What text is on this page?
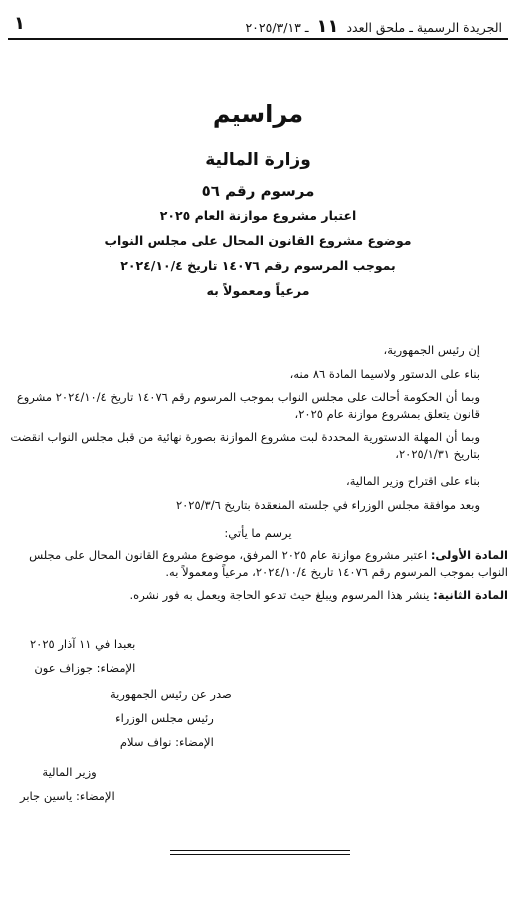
١	الجريدة الرسمية ـ ملحق العدد ١١ ـ ٢٠٢٥/٣/١٣
مراسيم
وزارة المالية
مرسوم رقم ٥٦
اعتبار مشروع موازنة العام ٢٠٢٥
موضوع مشروع القانون المحال على مجلس النواب
بموجب المرسوم رقم ١٤٠٧٦ تاريخ ٢٠٢٤/١٠/٤
مرعياً ومعمولاً به

إن رئيس الجمهورية،

بناء على الدستور ولاسيما المادة ٨٦ منه،

وبما أن الحكومة أحالت على مجلس النواب بموجب المرسوم رقم ١٤٠٧٦ تاريخ ٢٠٢٤/١٠/٤ مشروع قانون يتعلق بمشروع موازنة عام ٢٠٢٥،

وبما أن المهلة الدستورية المحددة لبت مشروع الموازنة بصورة نهائية من قبل مجلس النواب انقضت بتاريخ ٢٠٢٥/١/٣١،

بناء على اقتراح وزير المالية،

وبعد موافقة مجلس الوزراء في جلسته المنعقدة بتاريخ ٢٠٢٥/٣/٦

يرسم ما يأتي:

المادة الأولى: اعتبر مشروع موازنة عام ٢٠٢٥ المرفق، موضوع مشروع القانون المحال على مجلس النواب بموجب المرسوم رقم ١٤٠٧٦ تاريخ ٢٠٢٤/١٠/٤، مرعياً ومعمولاً به.

المادة الثانية: ينشر هذا المرسوم ويبلغ حيث تدعو الحاجة ويعمل به فور نشره.

بعبدا في ١١ آذار ٢٠٢٥
الإمضاء: جوزاف عون
صدر عن رئيس الجمهورية
رئيس مجلس الوزراء
الإمضاء: نواف سلام
وزير المالية
الإمضاء: ياسين جابر
